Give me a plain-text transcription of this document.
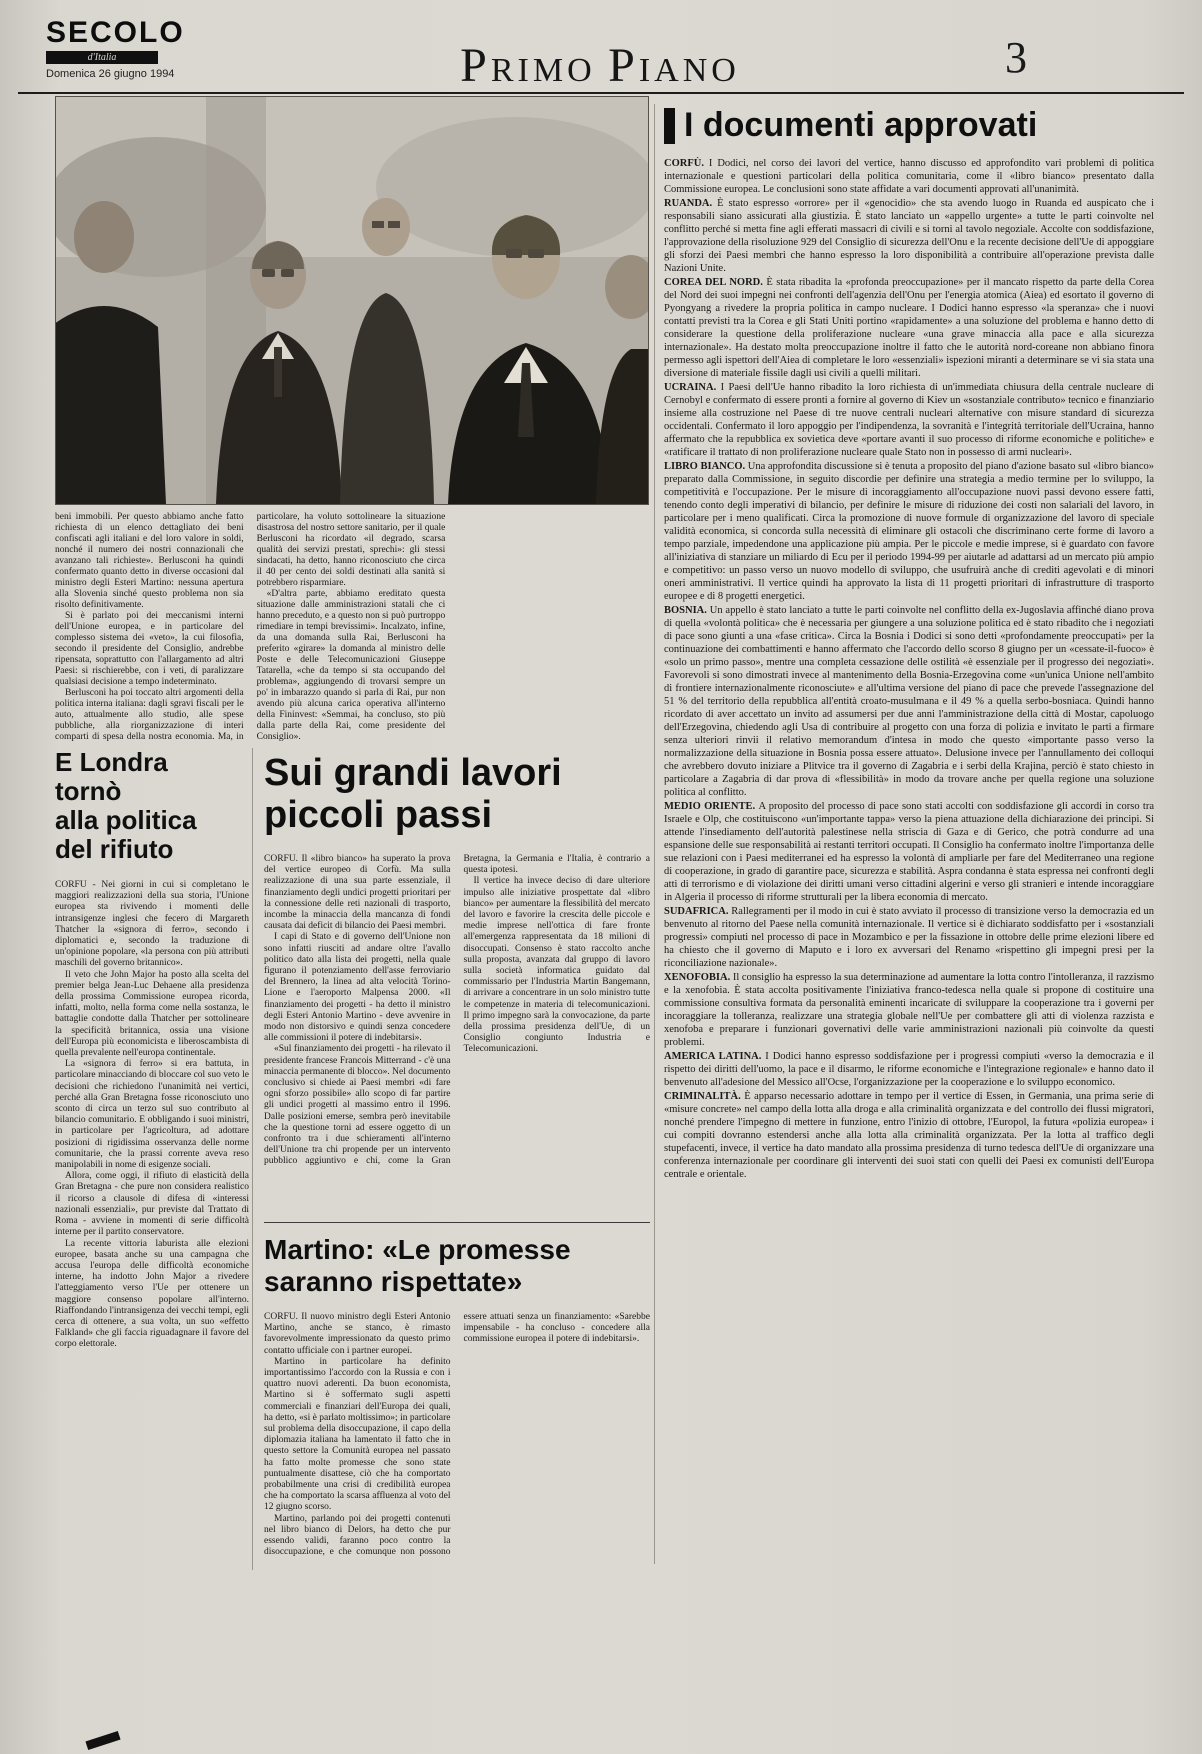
SECOLO
d'Italia
Domenica 26 giugno 1994	PRIMO PIANO	3

beni immobili. Per questo abbiamo anche fatto richiesta di un elenco dettagliato dei beni confiscati agli italiani e del loro valore in soldi, nonché il numero dei nostri connazionali che avanzano tali richieste». Berlusconi ha quindi confermato quanto detto in diverse occasioni dal ministro degli Esteri Martino: nessuna apertura alla Slovenia sinché questo problema non sia risolto definitivamente.

Si è parlato poi dei meccanismi interni dell'Unione europea, e in particolare del complesso sistema dei «veto», la cui filosofia, secondo il presidente del Consiglio, andrebbe ripensata, soprattutto con l'allargamento ad altri Paesi: si rischierebbe, con i veti, di paralizzare qualsiasi decisione a tempo indeterminato.

Berlusconi ha poi toccato altri argomenti della politica interna italiana: dagli sgravi fiscali per le auto, attualmente allo studio, alle spese pubbliche, alla riorganizzazione di interi comparti di spesa della nostra economia. Ma, in particolare, ha voluto sottolineare la situazione disastrosa del nostro settore sanitario, per il quale Berlusconi ha ricordato «il degrado, scarsa qualità dei servizi prestati, sprechi»: gli stessi sindacati, ha detto, hanno riconosciuto che circa il 40 per cento dei soldi destinati alla sanità si potrebbero risparmiare.

«D'altra parte, abbiamo ereditato questa situazione dalle amministrazioni statali che ci hanno preceduto, e a questo non si può purtroppo rimediare in tempi brevissimi». Incalzato, infine, da una domanda sulla Rai, Berlusconi ha preferito «girare» la domanda al ministro delle Poste e delle Telecomunicazioni Giuseppe Tatarella, «che da tempo si sta occupando del problema», aggiungendo di trovarsi sempre un po' in imbarazzo quando si parla di Rai, pur non avendo più alcuna carica operativa all'interno della Fininvest: «Semmai, ha concluso, sto più dalla parte della Rai, come presidente del Consiglio».

I documenti approvati

CORFÙ. I Dodici, nel corso dei lavori del vertice, hanno discusso ed approfondito vari problemi di politica internazionale e questioni particolari della politica comunitaria, come il «libro bianco» presentato dalla Commissione europea. Le conclusioni sono state affidate a vari documenti approvati all'unanimità.

RUANDA. È stato espresso «orrore» per il «genocidio» che sta avendo luogo in Ruanda ed auspicato che i responsabili siano assicurati alla giustizia. È stato lanciato un «appello urgente» a tutte le parti coinvolte nel conflitto perché si metta fine agli efferati massacri di civili e si torni al tavolo negoziale. Accolte con soddisfazione, l'approvazione della risoluzione 929 del Consiglio di sicurezza dell'Onu e la recente decisione dell'Ue di appoggiare gli sforzi dei Paesi membri che hanno espresso la loro disponibilità a contribuire all'operazione prevista dalle Nazioni Unite.

COREA DEL NORD. È stata ribadita la «profonda preoccupazione» per il mancato rispetto da parte della Corea del Nord dei suoi impegni nei confronti dell'agenzia dell'Onu per l'energia atomica (Aiea) ed esortato il governo di Pyongyang a rivedere la propria politica in campo nucleare. I Dodici hanno espresso «la speranza» che i nuovi contatti previsti tra la Corea e gli Stati Uniti portino «rapidamente» a una soluzione del problema e hanno detto di considerare la questione della proliferazione nucleare «una grave minaccia alla pace e alla sicurezza internazionale». Ha destato molta preoccupazione inoltre il fatto che le autorità nord-coreane non abbiano finora permesso agli ispettori dell'Aiea di completare le loro «essenziali» ispezioni miranti a determinare se vi sia stata una diversione di materiale fissile dagli usi civili a quelli militari.

UCRAINA. I Paesi dell'Ue hanno ribadito la loro richiesta di un'immediata chiusura della centrale nucleare di Cernobyl e confermato di essere pronti a fornire al governo di Kiev un «sostanziale contributo» tecnico e finanziario insieme alla costruzione nel Paese di tre nuove centrali nucleari alternative con misure standard di sicurezza occidentali. Confermato il loro appoggio per l'indipendenza, la sovranità e l'integrità territoriale dell'Ucraina, hanno affermato che la repubblica ex sovietica deve «portare avanti il suo processo di riforme economiche e politiche» e «ratificare il trattato di non proliferazione nucleare quale Stato non in possesso di armi nucleari».

LIBRO BIANCO. Una approfondita discussione si è tenuta a proposito del piano d'azione basato sul «libro bianco» preparato dalla Commissione, in seguito discordie per definire una strategia a medio termine per lo sviluppo, la competitività e l'occupazione. Per le misure di incoraggiamento all'occupazione nuovi passi devono essere fatti, tenendo conto degli imperativi di bilancio, per definire le misure di riduzione dei costi non salariali del lavoro, in particolare per i meno qualificati. Circa la promozione di nuove formule di organizzazione del lavoro di speciale validità economica, si concorda sulla necessità di eliminare gli ostacoli che discriminano certe forme di lavoro a tempo parziale, impedendone una applicazione più ampia. Per le piccole e medie imprese, si è guardato con favore all'iniziativa di stanziare un miliardo di Ecu per il periodo 1994-99 per aiutarle ad adattarsi ad un mercato più ampio e competitivo: un passo verso un nuovo modello di sviluppo, che usufruirà anche di crediti agevolati e di minori oneri amministrativi. Il vertice quindi ha approvato la lista di 11 progetti prioritari di infrastrutture di trasporto europee e di 8 progetti energetici.

BOSNIA. Un appello è stato lanciato a tutte le parti coinvolte nel conflitto della ex-Jugoslavia affinché diano prova di quella «volontà politica» che è necessaria per giungere a una soluzione politica ed è stato ribadito che i negoziati di pace sono giunti a una «fase critica». Circa la Bosnia i Dodici si sono detti «profondamente preoccupati» per la continuazione dei combattimenti e hanno affermato che l'accordo dello scorso 8 giugno per un «cessate-il-fuoco» è «solo un primo passo», mentre una completa cessazione delle ostilità «è essenziale per il progresso dei negoziati». Favorevoli si sono dimostrati invece al mantenimento della Bosnia-Erzegovina come «un'unica Unione nell'ambito di frontiere internazionalmente riconosciute» e all'ultima versione del piano di pace che prevede l'assegnazione del 51 % del territorio della repubblica all'entità croato-musulmana e il 49 % a quella serbo-bosniaca. Quindi hanno ricordato di aver accettato un invito ad assumersi per due anni l'amministrazione della città di Mostar, capoluogo dell'Erzegovina, chiedendo agli Usa di contribuire al progetto con una forza di polizia e invitato le parti a firmare senza ulteriori rinvii il relativo memorandum d'intesa in modo che questo «importante passo verso la normalizzazione della situazione in Bosnia possa essere attuato». Delusione invece per l'annullamento dei colloqui che avrebbero dovuto iniziare a Plitvice tra il governo di Zagabria e i serbi della Krajina, perciò è stato chiesto in particolare a Zagabria di dar prova di «flessibilità» in modo da trovare anche per quella regione una soluzione politica al conflitto.

MEDIO ORIENTE. A proposito del processo di pace sono stati accolti con soddisfazione gli accordi in corso tra Israele e Olp, che costituiscono «un'importante tappa» verso la piena attuazione della dichiarazione dei principi. Si attende l'insediamento dell'autorità palestinese nella striscia di Gaza e di Gerico, che potrà condurre ad una espansione delle sue responsabilità ai restanti territori occupati. Il Consiglio ha confermato inoltre l'importanza delle sue relazioni con i Paesi mediterranei ed ha espresso la volontà di ampliarle per fare del Mediterraneo una regione di cooperazione, in grado di garantire pace, sicurezza e stabilità. Aspra condanna è stata espressa nei confronti degli atti di terrorismo e di violazione dei diritti umani verso cittadini algerini e verso gli stranieri e intende incoraggiare in Algeria il processo di riforme strutturali per la libera economia di mercato.

SUDAFRICA. Rallegramenti per il modo in cui è stato avviato il processo di transizione verso la democrazia ed un benvenuto al ritorno del Paese nella comunità internazionale. Il vertice si è dichiarato soddisfatto per i «sostanziali progressi» compiuti nel processo di pace in Mozambico e per la fissazione in ottobre delle prime elezioni libere ed ha chiesto che il governo di Maputo e i loro ex avversari del Renamo «rispettino gli impegni presi per la riconciliazione nazionale».

XENOFOBIA. Il consiglio ha espresso la sua determinazione ad aumentare la lotta contro l'intolleranza, il razzismo e la xenofobia. È stata accolta positivamente l'iniziativa franco-tedesca nella quale si propone di costituire una commissione consultiva formata da personalità eminenti incaricate di sviluppare la cooperazione tra i governi per incoraggiare la tolleranza, realizzare una strategia globale nell'Ue per combattere gli atti di violenza razzista e xenofoba e preparare i funzionari governativi delle varie amministrazioni nazionali più coinvolte da questi problemi.

AMERICA LATINA. I Dodici hanno espresso soddisfazione per i progressi compiuti «verso la democrazia e il rispetto dei diritti dell'uomo, la pace e il disarmo, le riforme economiche e l'integrazione regionale» e hanno dato il benvenuto all'adesione del Messico all'Ocse, l'organizzazione per la cooperazione e lo sviluppo economico.

CRIMINALITÀ. È apparso necessario adottare in tempo per il vertice di Essen, in Germania, una prima serie di «misure concrete» nel campo della lotta alla droga e alla criminalità organizzata e del controllo dei flussi migratori, nonché prendere l'impegno di mettere in funzione, entro l'inizio di ottobre, l'Europol, la futura «polizia europea» i cui compiti dovranno estendersi anche alla lotta alla criminalità organizzata. Per la lotta al traffico degli stupefacenti, invece, il vertice ha dato mandato alla prossima presidenza di turno tedesca dell'Ue di organizzare una conferenza internazionale per coordinare gli interventi dei suoi stati con quelli dei Paesi ex comunisti dell'Europa centrale e orientale.

E Londra
tornò
alla politica
del rifiuto

CORFÙ - Nei giorni in cui si completano le maggiori realizzazioni della sua storia, l'Unione europea sta rivivendo i momenti delle intransigenze inglesi che fecero di Margareth Thatcher la «signora di ferro», secondo i diplomatici e, secondo la traduzione di un'opinione popolare, «la persona con più attributi maschili del governo britannico».

Il veto che John Major ha posto alla scelta del premier belga Jean-Luc Dehaene alla presidenza della prossima Commissione europea ricorda, infatti, molto, nella forma come nella sostanza, le battaglie condotte dalla Thatcher per sottolineare la specificità britannica, ossia una visione dell'Europa più economicista e liberoscambista di quella prevalente nell'europa continentale.

La «signora di ferro» si era battuta, in particolare minacciando di bloccare col suo veto le decisioni che richiedono l'unanimità nei vertici, perché alla Gran Bretagna fosse riconosciuto uno sconto di circa un terzo sul suo contributo al bilancio comunitario. E obbligando i suoi ministri, in particolare per l'agricoltura, ad adottare posizioni di rigidissima osservanza delle norme comunitarie, che la prassi corrente aveva reso manipolabili in nome di esigenze sociali.

Allora, come oggi, il rifiuto di elasticità della Gran Bretagna - che pure non considera realistico il ricorso a clausole di difesa di «interessi nazionali essenziali», pur previste dal Trattato di Roma - avviene in momenti di serie difficoltà interne per il partito conservatore.

La recente vittoria laburista alle elezioni europee, basata anche su una campagna che accusa l'europa delle difficoltà economiche interne, ha indotto John Major a rivedere l'atteggiamento verso l'Ue per ottenere un maggiore consenso popolare all'interno. Riaffondando l'intransigenza dei vecchi tempi, egli cerca di ottenere, a sua volta, un suo «effetto Falkland» che gli faccia riguadagnare il favore del corpo elettorale.

Sui grandi lavori
piccoli passi

CORFÙ. Il «libro bianco» ha superato la prova del vertice europeo di Corfù. Ma sulla realizzazione di una sua parte essenziale, il finanziamento degli undici progetti prioritari per la connessione delle reti nazionali di trasporto, incombe la minaccia della mancanza di fondi causata dai deficit di bilancio dei Paesi membri.

I capi di Stato e di governo dell'Unione non sono infatti riusciti ad andare oltre l'avallo politico dato alla lista dei progetti, nella quale figurano il potenziamento dell'asse ferroviario del Brennero, la linea ad alta velocità Torino-Lione e l'aeroporto Malpensa 2000. «Il finanziamento dei progetti - ha detto il ministro degli Esteri Antonio Martino - deve avvenire in modo non distorsivo e quindi senza concedere alle commissioni il potere di indebitarsi».

«Sul finanziamento dei progetti - ha rilevato il presidente francese Francois Mitterrand - c'è una minaccia permanente di blocco». Nel documento conclusivo si chiede ai Paesi membri «di fare ogni sforzo possibile» allo scopo di far partire gli undici progetti al massimo entro il 1996. Dalle posizioni emerse, sembra però inevitabile che la questione torni ad essere oggetto di un confronto tra i due schieramenti all'interno dell'Unione tra chi propende per un intervento pubblico aggiuntivo e chi, come la Gran Bretagna, la Germania e l'Italia, è contrario a questa ipotesi.

Il vertice ha invece deciso di dare ulteriore impulso alle iniziative prospettate dal «libro bianco» per aumentare la flessibilità del mercato del lavoro e favorire la crescita delle piccole e medie imprese nell'ottica di fare fronte all'emergenza rappresentata da 18 milioni di disoccupati. Consenso è stato raccolto anche sulla proposta, avanzata dal gruppo di lavoro sulla società informatica guidato dal commissario per l'Industria Martin Bangemann, di arrivare a concentrare in un solo ministro tutte le competenze in materia di telecomunicazioni. Il primo impegno sarà la convocazione, da parte della prossima presidenza dell'Ue, di un Consiglio congiunto Industria e Telecomunicazioni.

Martino: «Le promesse
saranno rispettate»

CORFÙ. Il nuovo ministro degli Esteri Antonio Martino, anche se stanco, è rimasto favorevolmente impressionato da questo primo contatto ufficiale con i partner europei.

Martino in particolare ha definito importantissimo l'accordo con la Russia e con i quattro nuovi aderenti. Da buon economista, Martino si è soffermato sugli aspetti commerciali e finanziari dell'Europa dei quali, ha detto, «si è parlato moltissimo»; in particolare sul problema della disoccupazione, il capo della diplomazia italiana ha lamentato il fatto che in questo settore la Comunità europea nel passato ha fatto molte promesse che sono state puntualmente disattese, ciò che ha comportato probabilmente una crisi di credibilità europea che ha comportato la scarsa affluenza al voto del 12 giugno scorso.

Martino, parlando poi dei progetti contenuti nel libro bianco di Delors, ha detto che pur essendo validi, faranno poco contro la disoccupazione, e che comunque non possono essere attuati senza un finanziamento: «Sarebbe impensabile - ha concluso - concedere alla commissione europea il potere di indebitarsi».
